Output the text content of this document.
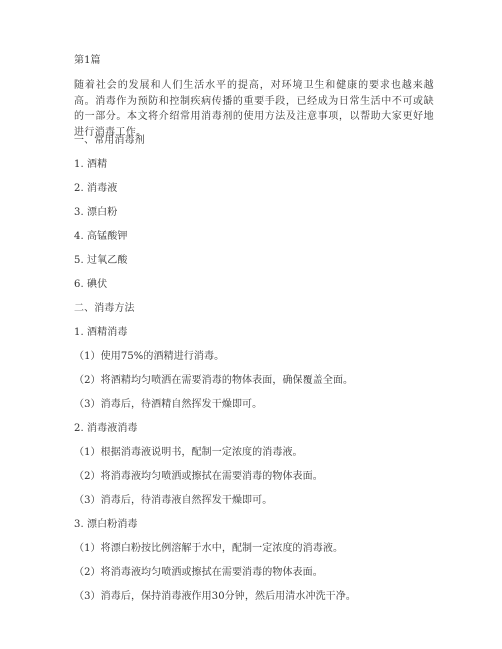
第1篇
随着社会的发展和人们生活水平的提高，对环境卫生和健康的要求也越来越高。消毒作为预防和控制疾病传播的重要手段，已经成为日常生活中不可或缺的一部分。本文将介绍常用消毒剂的使用方法及注意事项，以帮助大家更好地进行消毒工作。
一、常用消毒剂
1. 酒精
2. 消毒液
3. 漂白粉
4. 高锰酸钾
5. 过氧乙酸
6. 碘伏
二、消毒方法
1. 酒精消毒
（1）使用75%的酒精进行消毒。
（2）将酒精均匀喷洒在需要消毒的物体表面，确保覆盖全面。
（3）消毒后，待酒精自然挥发干燥即可。
2. 消毒液消毒
（1）根据消毒液说明书，配制一定浓度的消毒液。
（2）将消毒液均匀喷洒或擦拭在需要消毒的物体表面。
（3）消毒后，待消毒液自然挥发干燥即可。
3. 漂白粉消毒
（1）将漂白粉按比例溶解于水中，配制一定浓度的消毒液。
（2）将消毒液均匀喷洒或擦拭在需要消毒的物体表面。
（3）消毒后，保持消毒液作用30分钟，然后用清水冲洗干净。
